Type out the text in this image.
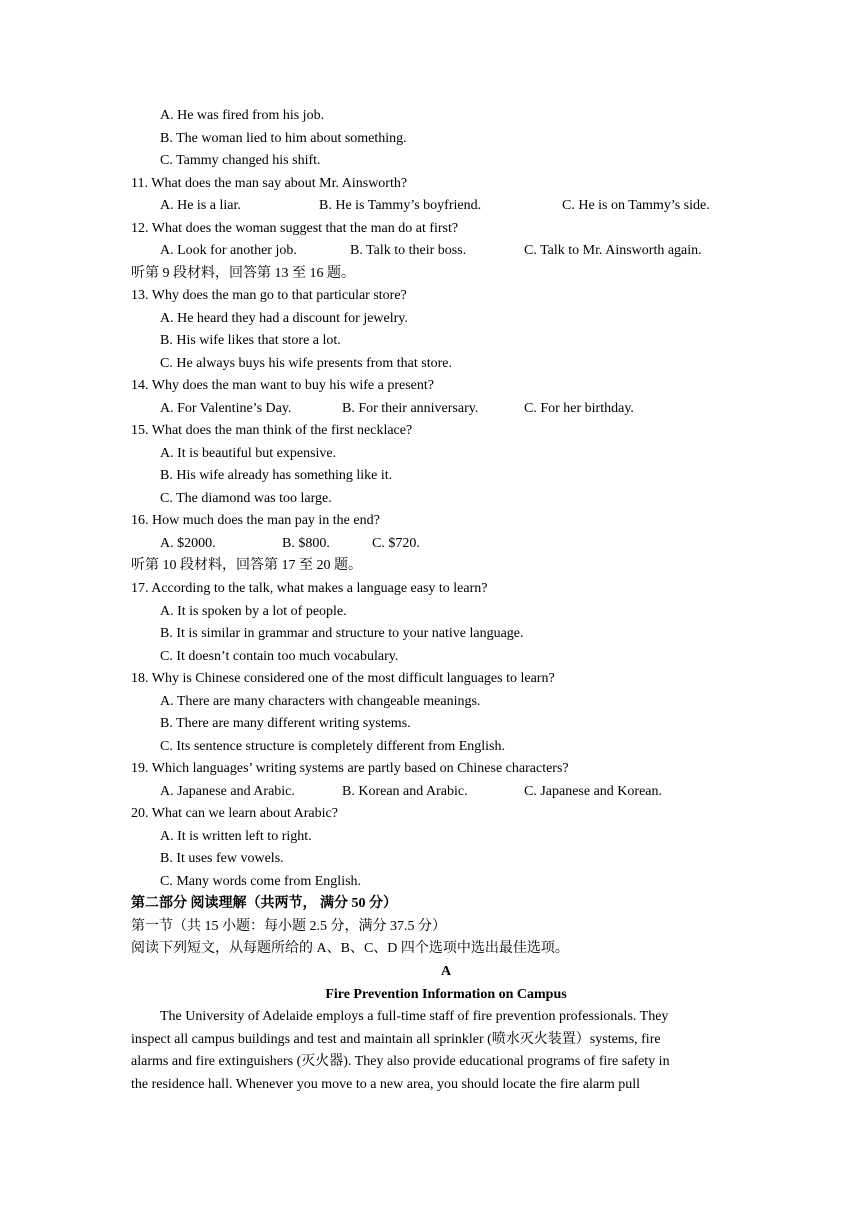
A. He was fired from his job.
B. The woman lied to him about something.
C. Tammy changed his shift.
11. What does the man say about Mr. Ainsworth?
A. He is a liar.	B. He is Tammy’s boyfriend.	C. He is on Tammy’s side.
12. What does the woman suggest that the man do at first?
A. Look for another job.	B. Talk to their boss.	C. Talk to Mr. Ainsworth again.
听第 9 段材料，回答第 13 至 16 题。
13. Why does the man go to that particular store?
A. He heard they had a discount for jewelry.
B. His wife likes that store a lot.
C. He always buys his wife presents from that store.
14. Why does the man want to buy his wife a present?
A. For Valentine’s Day.	B. For their anniversary.	C. For her birthday.
15. What does the man think of the first necklace?
A. It is beautiful but expensive.
B. His wife already has something like it.
C. The diamond was too large.
16. How much does the man pay in the end?
A. $2000.	B. $800.	C. $720.
听第 10 段材料，回答第 17 至 20 题。
17. According to the talk, what makes a language easy to learn?
A. It is spoken by a lot of people.
B. It is similar in grammar and structure to your native language.
C. It doesn’t contain too much vocabulary.
18. Why is Chinese considered one of the most difficult languages to learn?
A. There are many characters with changeable meanings.
B. There are many different writing systems.
C. Its sentence structure is completely different from English.
19. Which languages’ writing systems are partly based on Chinese characters?
A. Japanese and Arabic.	B. Korean and Arabic.	C. Japanese and Korean.
20. What can we learn about Arabic?
A. It is written left to right.
B. It uses few vowels.
C. Many words come from English.
第二部分 阅读理解（共两节， 满分 50 分）
第一节（共 15 小题：每小题 2.5 分，满分 37.5 分）
阅读下列短文，从每题所给的 A、B、C、D 四个选项中选出最佳选项。
A
Fire Prevention Information on Campus
The University of Adelaide employs a full-time staff of fire prevention professionals. They
inspect all campus buildings and test and maintain all sprinkler (喷水灭火装置）systems, fire
alarms and fire extinguishers (灭火器). They also provide educational programs of fire safety in
the residence hall. Whenever you move to a new area, you should locate the fire alarm pull
